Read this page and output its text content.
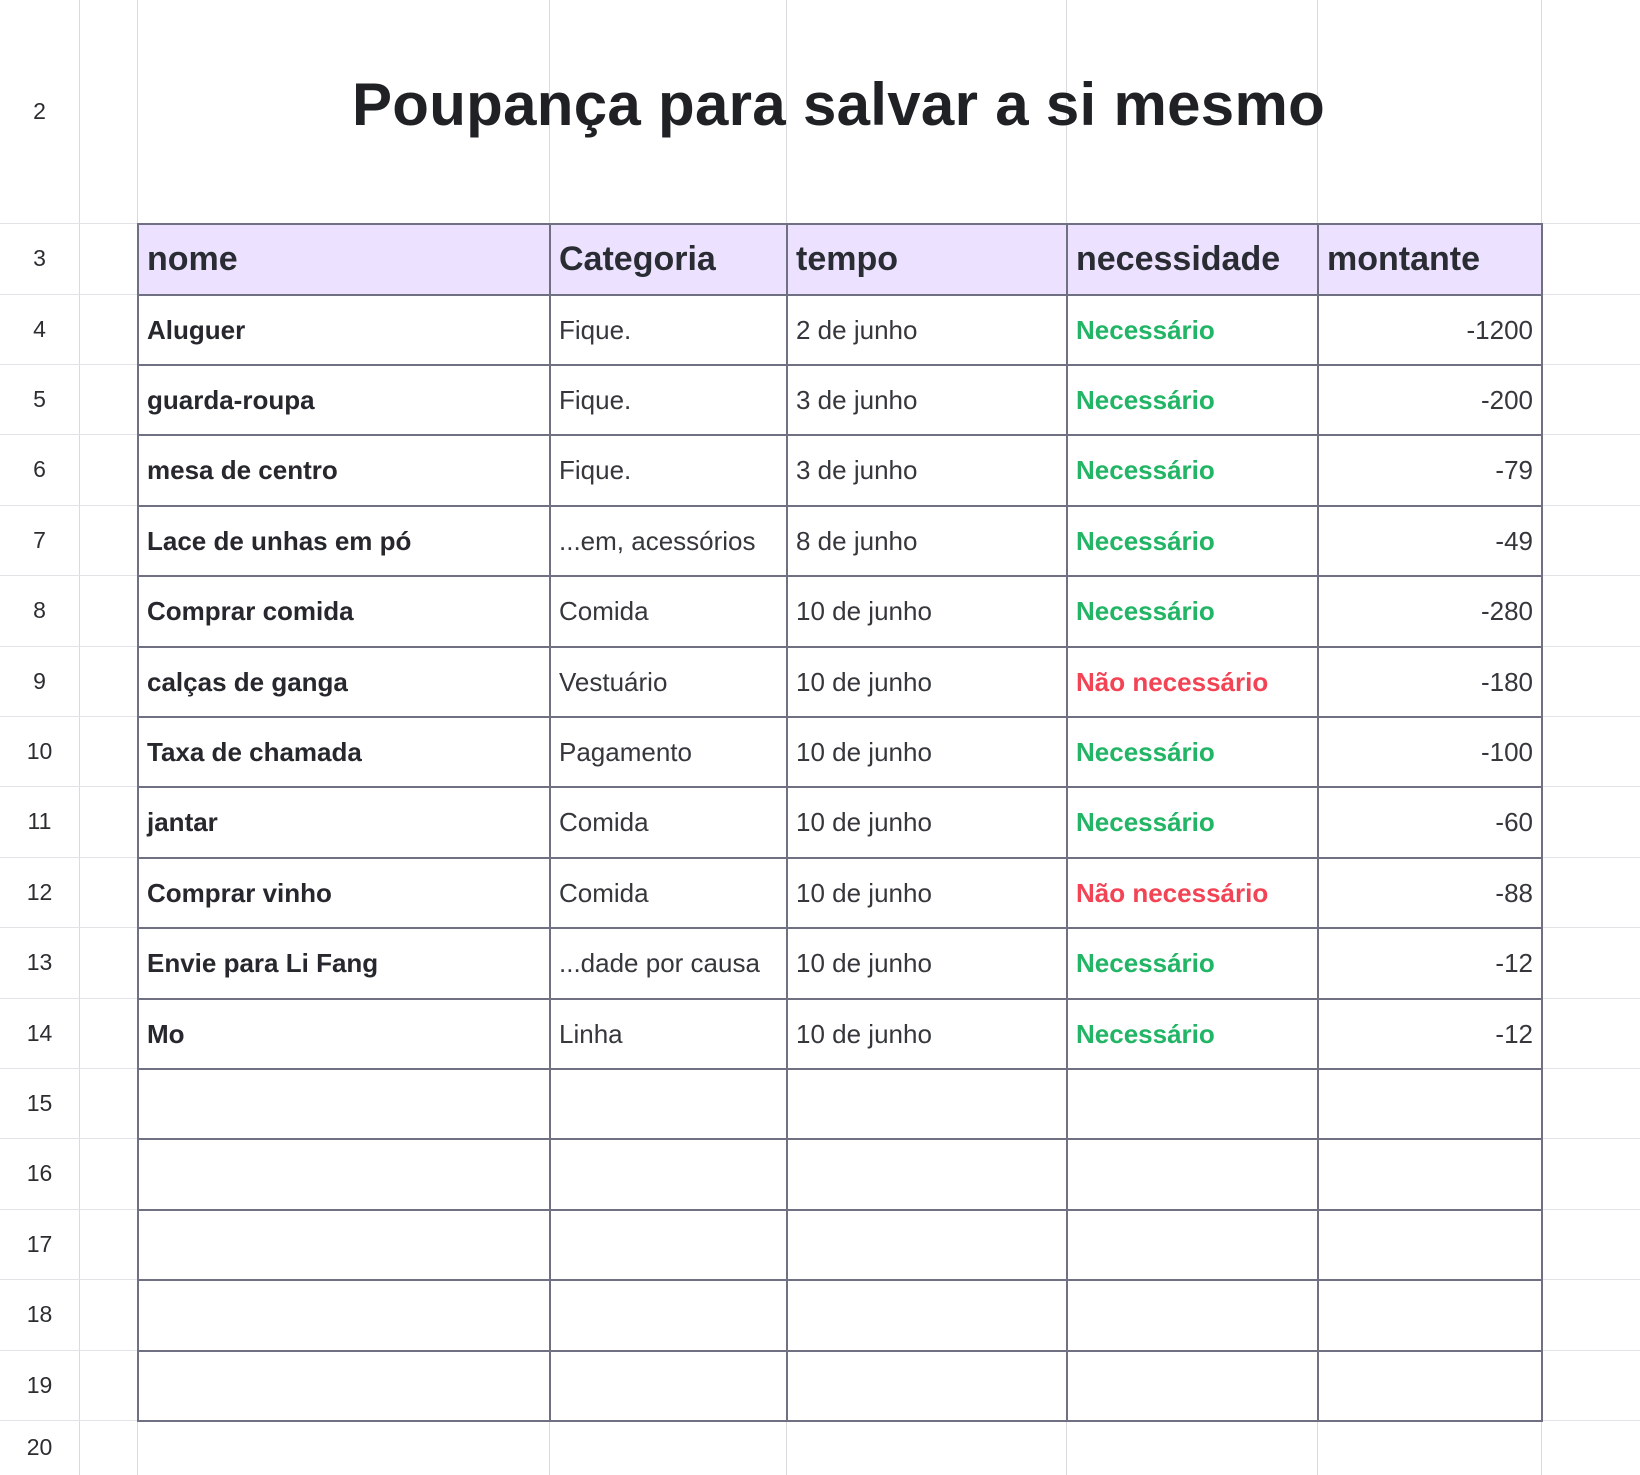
2
3
4
5
6
7
8
9
10
11
12
13
14
15
16
17
18
19
20
Poupança para salvar a si mesmo
nome	Categoria	tempo	necessidade	montante
Aluguer	Fique.	2 de junho	Necessário	-1200
guarda-roupa	Fique.	3 de junho	Necessário	-200
mesa de centro	Fique.	3 de junho	Necessário	-79
Lace de unhas em pó	...em, acessórios	8 de junho	Necessário	-49
Comprar comida	Comida	10 de junho	Necessário	-280
calças de ganga	Vestuário	10 de junho	Não necessário	-180
Taxa de chamada	Pagamento	10 de junho	Necessário	-100
jantar	Comida	10 de junho	Necessário	-60
Comprar vinho	Comida	10 de junho	Não necessário	-88
Envie para Li Fang	...dade por causa	10 de junho	Necessário	-12
Mo	Linha	10 de junho	Necessário	-12
